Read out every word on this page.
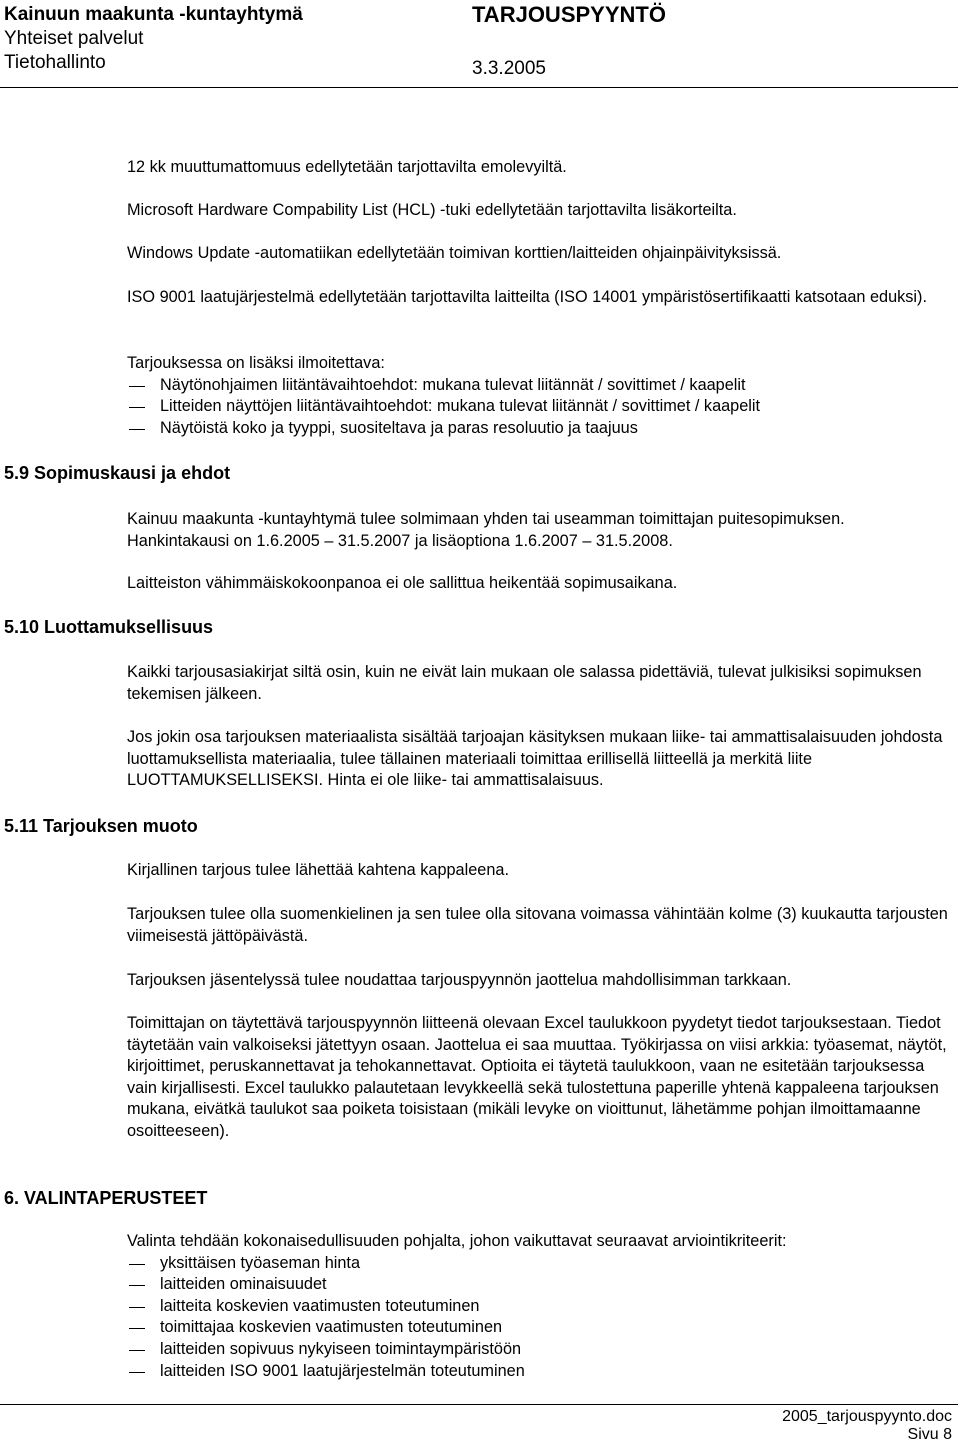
Kainuun maakunta -kuntayhtymä
Yhteiset palvelut
Tietohallinto
TARJOUSPYYNTÖ
3.3.2005
12 kk muuttumattomuus edellytetään tarjottavilta emolevyiltä.
Microsoft Hardware Compability List (HCL) -tuki edellytetään tarjottavilta lisäkorteilta.
Windows Update -automatiikan edellytetään toimivan korttien/laitteiden ohjainpäivityksissä.
ISO 9001 laatujärjestelmä edellytetään tarjottavilta laitteilta (ISO 14001 ympäristösertifikaatti katsotaan eduksi).
Tarjouksessa on lisäksi ilmoitettava:
Näytönohjaimen liitäntävaihtoehdot: mukana tulevat liitännät / sovittimet / kaapelit
Litteiden näyttöjen liitäntävaihtoehdot: mukana tulevat liitännät / sovittimet / kaapelit
Näytöistä koko ja tyyppi, suositeltava ja paras resoluutio ja taajuus
5.9 Sopimuskausi ja ehdot
Kainuu maakunta -kuntayhtymä tulee solmimaan yhden tai useamman toimittajan puitesopimuksen. Hankintakausi on 1.6.2005 – 31.5.2007 ja lisäoptiona 1.6.2007 – 31.5.2008.
Laitteiston vähimmäiskokoonpanoa ei ole sallittua heikentää sopimusaikana.
5.10 Luottamuksellisuus
Kaikki tarjousasiakirjat siltä osin, kuin ne eivät lain mukaan ole salassa pidettäviä, tulevat julkisiksi sopimuksen tekemisen jälkeen.
Jos jokin osa tarjouksen materiaalista sisältää tarjoajan käsityksen mukaan liike- tai ammattisalaisuuden johdosta luottamuksellista materiaalia, tulee tällainen materiaali toimittaa erillisellä liitteellä ja merkitä liite LUOTTAMUKSELLISEKSI. Hinta ei ole liike- tai ammattisalaisuus.
5.11 Tarjouksen muoto
Kirjallinen tarjous tulee lähettää kahtena kappaleena.
Tarjouksen tulee olla suomenkielinen ja sen tulee olla sitovana voimassa vähintään kolme (3) kuukautta tarjousten viimeisestä jättöpäivästä.
Tarjouksen jäsentelyssä tulee noudattaa tarjouspyynnön jaottelua mahdollisimman tarkkaan.
Toimittajan on täytettävä tarjouspyynnön liitteenä olevaan Excel taulukkoon pyydetyt tiedot tarjouksestaan. Tiedot täytetään vain valkoiseksi jätettyyn osaan. Jaottelua ei saa muuttaa. Työkirjassa on viisi arkkia: työasemat, näytöt, kirjoittimet, peruskannettavat ja tehokannettavat. Optioita ei täytetä taulukkoon, vaan ne esitetään tarjouksessa vain kirjallisesti. Excel taulukko palautetaan levykkeellä sekä tulostettuna paperille yhtenä kappaleena tarjouksen mukana, eivätkä taulukot saa poiketa toisistaan (mikäli levyke on vioittunut, lähetämme pohjan ilmoittamaanne osoitteeseen).
6. VALINTAPERUSTEET
Valinta tehdään kokonaisedullisuuden pohjalta, johon vaikuttavat seuraavat arviointikriteerit:
yksittäisen työaseman hinta
laitteiden ominaisuudet
laitteita koskevien vaatimusten toteutuminen
toimittajaa koskevien vaatimusten toteutuminen
laitteiden sopivuus nykyiseen toimintaympäristöön
laitteiden ISO 9001 laatujärjestelmän toteutuminen
2005_tarjouspyynto.doc
Sivu 8
